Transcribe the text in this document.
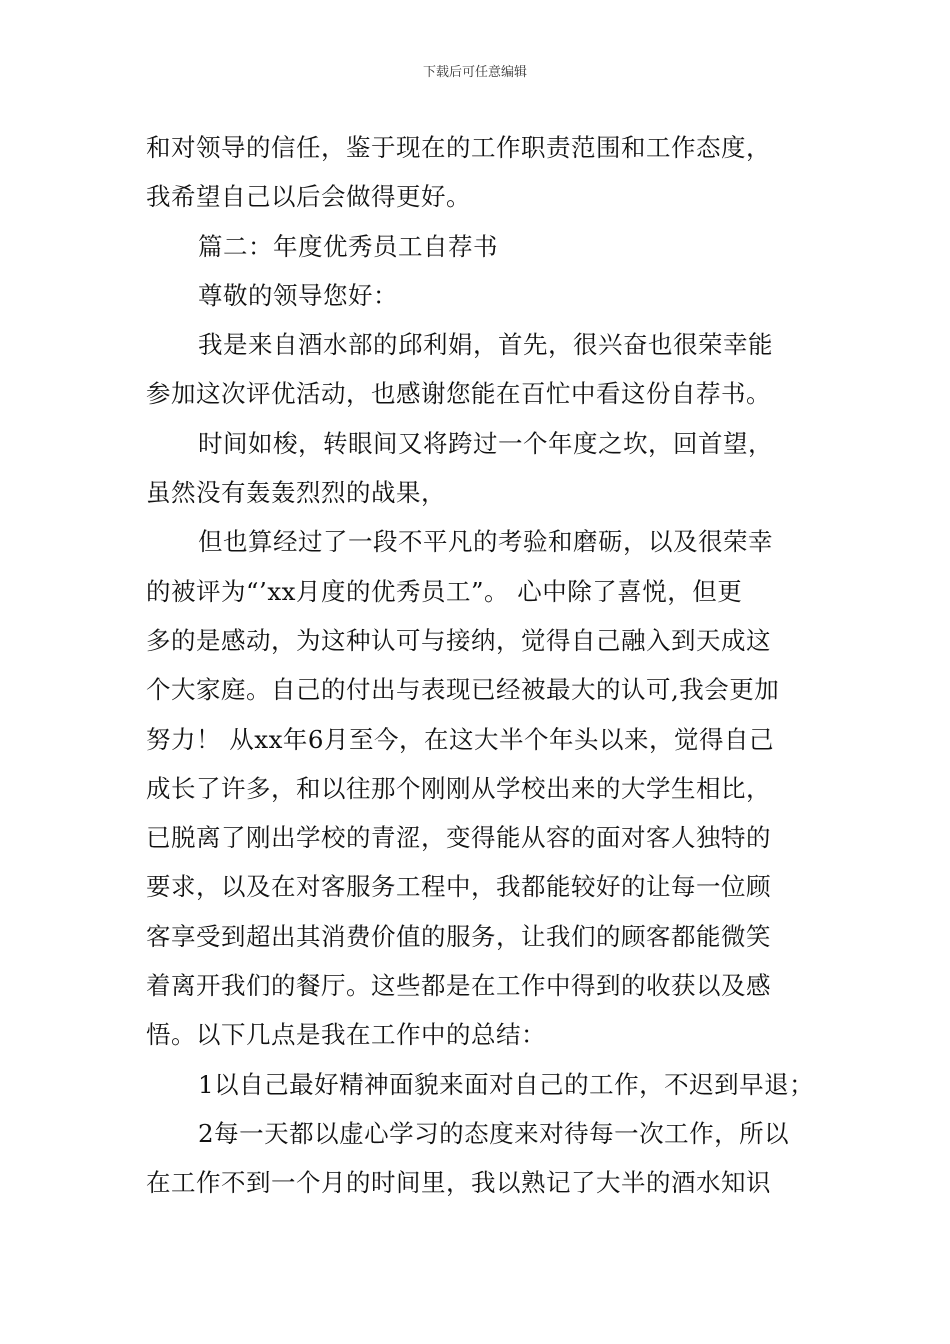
下载后可任意编辑
和对领导的信任，鉴于现在的工作职责范围和工作态度，
我希望自己以后会做得更好。
篇二：年度优秀员工自荐书
尊敬的领导您好：
我是来自酒水部的邱利娟，首先，很兴奋也很荣幸能
参加这次评优活动，也感谢您能在百忙中看这份自荐书。
时间如梭，转眼间又将跨过一个年度之坎，回首望，
虽然没有轰轰烈烈的战果，
但也算经过了一段不平凡的考验和磨砺，以及很荣幸
的被评为“’xx月度的优秀员工”。 心中除了喜悦，但更
多的是感动，为这种认可与接纳，觉得自己融入到天成这
个大家庭。自己的付出与表现已经被最大的认可,我会更加
努力！ 从xx年6月至今，在这大半个年头以来，觉得自己
成长了许多，和以往那个刚刚从学校出来的大学生相比，
已脱离了刚出学校的青涩，变得能从容的面对客人独特的
要求，以及在对客服务工程中，我都能较好的让每一位顾
客享受到超出其消费价值的服务，让我们的顾客都能微笑
着离开我们的餐厅。这些都是在工作中得到的收获以及感
悟。以下几点是我在工作中的总结：
1以自己最好精神面貌来面对自己的工作，不迟到早退；
2每一天都以虚心学习的态度来对待每一次工作，所以
在工作不到一个月的时间里，我以熟记了大半的酒水知识
